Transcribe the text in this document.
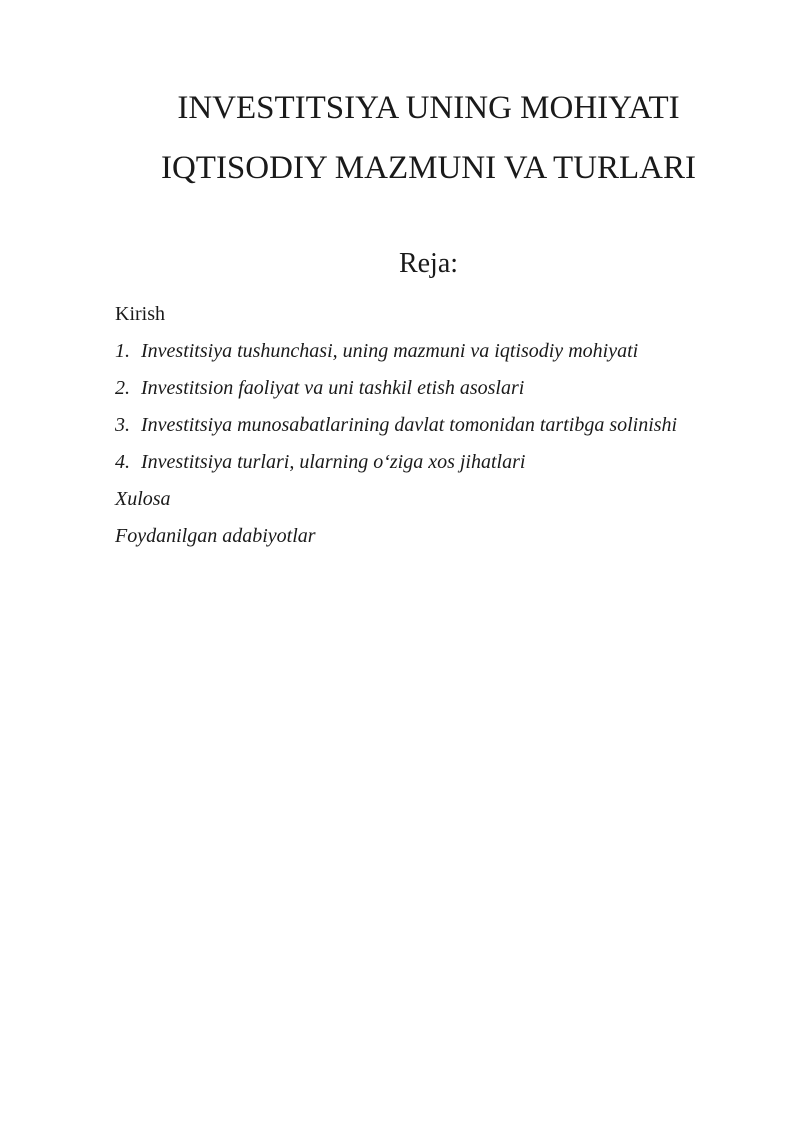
INVESTITSIYA UNING MOHIYATI
IQTISODIY MAZMUNI VA TURLARI
Reja:
Kirish
1. Investitsiya tushunchasi, uning mazmuni va iqtisodiy mohiyati
2. Investitsion faoliyat va uni tashkil etish asoslari
3. Investitsiya munosabatlarining davlat tomonidan tartibga solinishi
4. Investitsiya turlari, ularning o‘ziga xos jihatlari
Xulosa
Foydanilgan adabiyotlar
